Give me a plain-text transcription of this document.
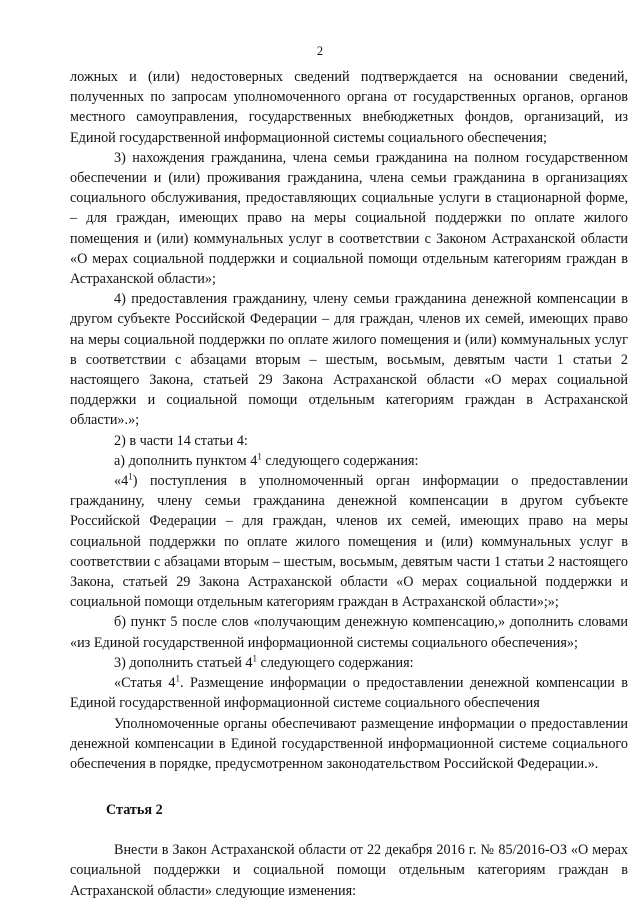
2

ложных и (или) недостоверных сведений подтверждается на основании сведений, полученных по запросам уполномоченного органа от государственных органов, органов местного самоуправления, государственных внебюджетных фондов, организаций, из Единой государственной информационной системы социального обеспечения;

3) нахождения гражданина, члена семьи гражданина на полном государственном обеспечении и (или) проживания гражданина, члена семьи гражданина в организациях социального обслуживания, предоставляющих социальные услуги в стационарной форме, – для граждан, имеющих право на меры социальной поддержки по оплате жилого помещения и (или) коммунальных услуг в соответствии с Законом Астраханской области «О мерах социальной поддержки и социальной помощи отдельным категориям граждан в Астраханской области»;

4) предоставления гражданину, члену семьи гражданина денежной компенсации в другом субъекте Российской Федерации – для граждан, членов их семей, имеющих право на меры социальной поддержки по оплате жилого помещения и (или) коммунальных услуг в соответствии с абзацами вторым – шестым, восьмым, девятым части 1 статьи 2 настоящего Закона, статьей 29 Закона Астраханской области «О мерах социальной поддержки и социальной помощи отдельным категориям граждан в Астраханской области».»;

2) в части 14 статьи 4:

а) дополнить пунктом $4^1$ следующего содержания:

«$4^1$) поступления в уполномоченный орган информации о предоставлении гражданину, члену семьи гражданина денежной компенсации в другом субъекте Российской Федерации – для граждан, членов их семей, имеющих право на меры социальной поддержки по оплате жилого помещения и (или) коммунальных услуг в соответствии с абзацами вторым – шестым, восьмым, девятым части 1 статьи 2 настоящего Закона, статьей 29 Закона Астраханской области «О мерах социальной поддержки и социальной помощи отдельным категориям граждан в Астраханской области»;»;

б) пункт 5 после слов «получающим денежную компенсацию,» дополнить словами «из Единой государственной информационной системы социального обеспечения»;

3) дополнить статьей $4^1$ следующего содержания:

«Статья $4^1$. Размещение информации о предоставлении денежной компенсации в Единой государственной информационной системе социального обеспечения

Уполномоченные органы обеспечивают размещение информации о предоставлении денежной компенсации в Единой государственной информационной системе социального обеспечения в порядке, предусмотренном законодательством Российской Федерации.».

Статья 2

Внести в Закон Астраханской области от 22 декабря 2016 г. № 85/2016-ОЗ «О мерах социальной поддержки и социальной помощи отдельным категориям граждан в Астраханской области» следующие изменения:
